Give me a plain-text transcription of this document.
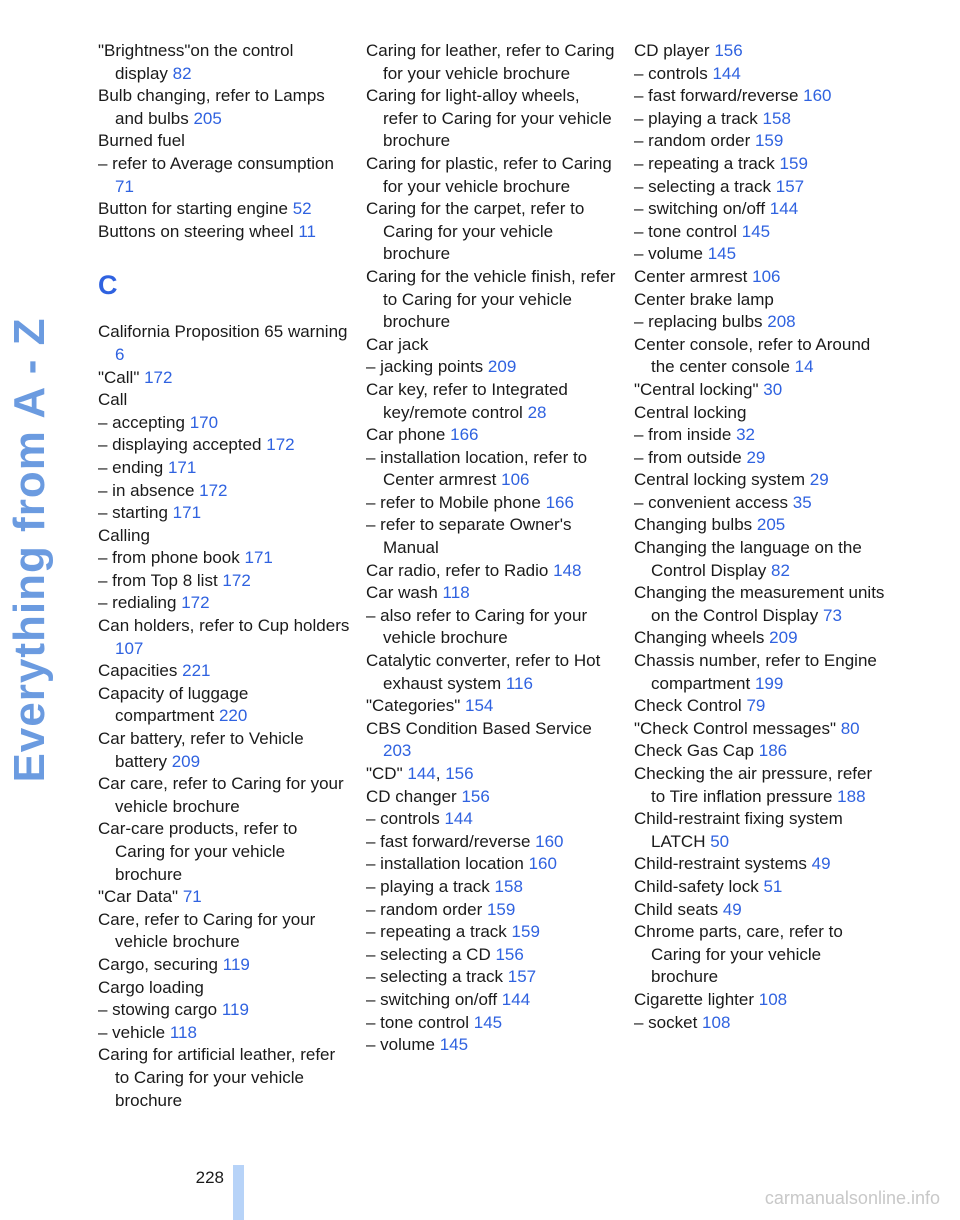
Everything from A - Z
"Brightness"on the control display 82
Bulb changing, refer to Lamps and bulbs 205
Burned fuel
– refer to Average consumption 71
Button for starting engine 52
Buttons on steering wheel 11
C
California Proposition 65 warning 6
"Call" 172
Call
– accepting 170
– displaying accepted 172
– ending 171
– in absence 172
– starting 171
Calling
– from phone book 171
– from Top 8 list 172
– redialing 172
Can holders, refer to Cup holders 107
Capacities 221
Capacity of luggage compartment 220
Car battery, refer to Vehicle battery 209
Car care, refer to Caring for your vehicle brochure
Car-care products, refer to Caring for your vehicle brochure
"Car Data" 71
Care, refer to Caring for your vehicle brochure
Cargo, securing 119
Cargo loading
– stowing cargo 119
– vehicle 118
Caring for artificial leather, refer to Caring for your vehicle brochure
Caring for leather, refer to Caring for your vehicle brochure
Caring for light-alloy wheels, refer to Caring for your vehicle brochure
Caring for plastic, refer to Caring for your vehicle brochure
Caring for the carpet, refer to Caring for your vehicle brochure
Caring for the vehicle finish, refer to Caring for your vehicle brochure
Car jack
– jacking points 209
Car key, refer to Integrated key/remote control 28
Car phone 166
– installation location, refer to Center armrest 106
– refer to Mobile phone 166
– refer to separate Owner's Manual
Car radio, refer to Radio 148
Car wash 118
– also refer to Caring for your vehicle brochure
Catalytic converter, refer to Hot exhaust system 116
"Categories" 154
CBS Condition Based Service 203
"CD" 144, 156
CD changer 156
– controls 144
– fast forward/reverse 160
– installation location 160
– playing a track 158
– random order 159
– repeating a track 159
– selecting a CD 156
– selecting a track 157
– switching on/off 144
– tone control 145
– volume 145
CD player 156
– controls 144
– fast forward/reverse 160
– playing a track 158
– random order 159
– repeating a track 159
– selecting a track 157
– switching on/off 144
– tone control 145
– volume 145
Center armrest 106
Center brake lamp
– replacing bulbs 208
Center console, refer to Around the center console 14
"Central locking" 30
Central locking
– from inside 32
– from outside 29
Central locking system 29
– convenient access 35
Changing bulbs 205
Changing the language on the Control Display 82
Changing the measurement units on the Control Display 73
Changing wheels 209
Chassis number, refer to Engine compartment 199
Check Control 79
"Check Control messages" 80
Check Gas Cap 186
Checking the air pressure, refer to Tire inflation pressure 188
Child-restraint fixing system LATCH 50
Child-restraint systems 49
Child-safety lock 51
Child seats 49
Chrome parts, care, refer to Caring for your vehicle brochure
Cigarette lighter 108
– socket 108
228
carmanualsonline.info
